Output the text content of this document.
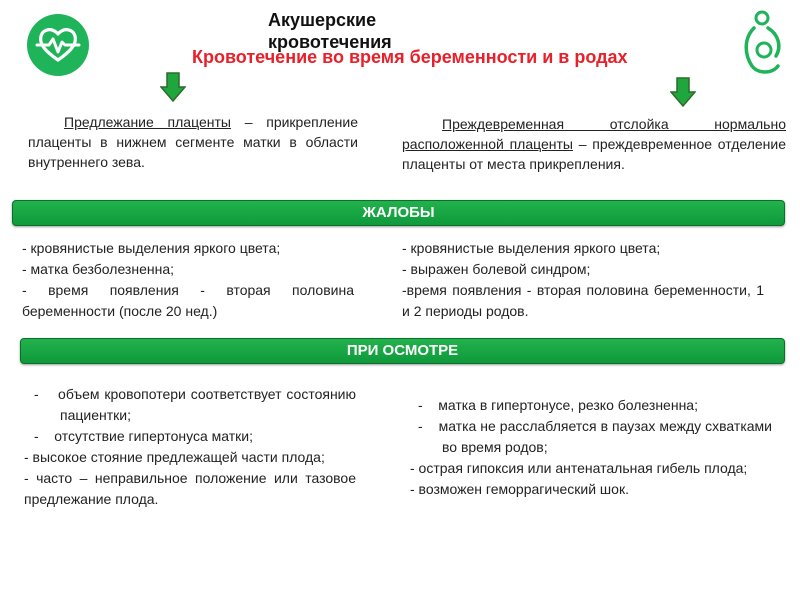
Акушерские
кровотечения
Кровотечение во время беременности и в родах
Предлежание плаценты – прикрепление плаценты в нижнем сегменте матки в области внутреннего зева.
Преждевременная отслойка нормально расположенной плаценты – преждевременное отделение плаценты от места прикрепления.
ЖАЛОБЫ
- кровянистые выделения яркого цвета;
- матка безболезненна;
- время появления - вторая половина беременности (после 20 нед.)
- кровянистые выделения яркого цвета;
- выражен болевой синдром;
-время появления - вторая половина беременности, 1 и 2 периоды родов.
ПРИ ОСМОТРЕ
-    объем кровопотери соответствует состоянию пациентки;
-    отсутствие гипертонуса матки;
- высокое стояние предлежащей части плода;
- часто – неправильное положение или тазовое предлежание плода.
-    матка в гипертонусе, резко болезненна;
-    матка не расслабляется в паузах между схватками во время родов;
- острая гипоксия или антенатальная гибель плода;
- возможен геморрагический шок.
